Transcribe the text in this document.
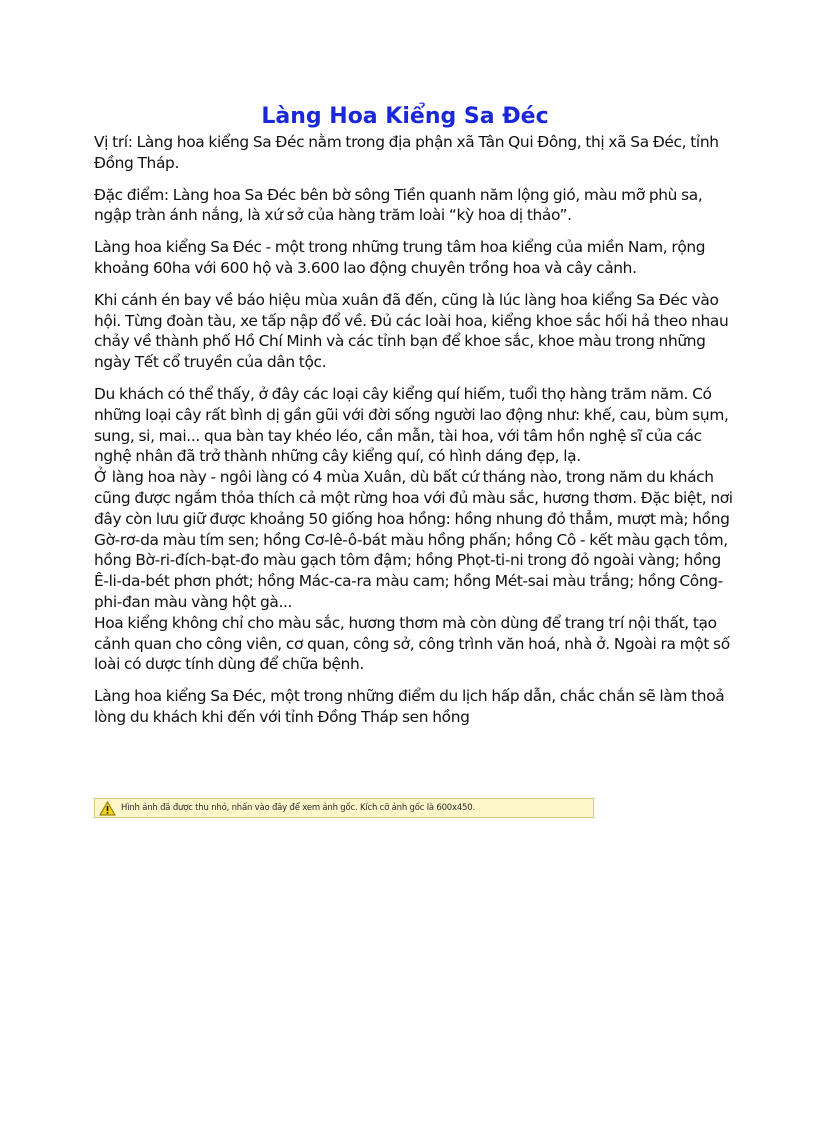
Làng Hoa Kiểng Sa Đéc

Vị trí: Làng hoa kiểng Sa Đéc nằm trong địa phận xã Tân Qui Đông, thị xã Sa Đéc, tỉnh Đồng Tháp.

Đặc điểm: Làng hoa Sa Đéc bên bờ sông Tiền quanh năm lộng gió, màu mỡ phù sa, ngập tràn ánh nắng, là xứ sở của hàng trăm loài “kỳ hoa dị thảo”.

Làng hoa kiểng Sa Đéc - một trong những trung tâm hoa kiểng của miền Nam, rộng khoảng 60ha với 600 hộ và 3.600 lao động chuyên trồng hoa và cây cảnh.

Khi cánh én bay về báo hiệu mùa xuân đã đến, cũng là lúc làng hoa kiểng Sa Đéc vào hội. Từng đoàn tàu, xe tấp nập đổ về. Đủ các loài hoa, kiểng khoe sắc hối hả theo nhau chảy về thành phố Hồ Chí Minh và các tỉnh bạn để khoe sắc, khoe màu trong những ngày Tết cổ truyền của dân tộc.

Du khách có thể thấy, ở đây các loại cây kiểng quí hiếm, tuổi thọ hàng trăm năm. Có những loại cây rất bình dị gần gũi với đời sống người lao động như: khế, cau, bùm sụm, sung, si, mai... qua bàn tay khéo léo, cần mẫn, tài hoa, với tâm hồn nghệ sĩ của các nghệ nhân đã trở thành những cây kiểng quí, có hình dáng đẹp, lạ.

Ở làng hoa này - ngôi làng có 4 mùa Xuân, dù bất cứ tháng nào, trong năm du khách cũng được ngắm thỏa thích cả một rừng hoa với đủ màu sắc, hương thơm. Đặc biệt, nơi đây còn lưu giữ được khoảng 50 giống hoa hồng: hồng nhung đỏ thẳm, mượt mà; hồng Gờ-rơ-da màu tím sen; hồng Cơ-lê-ô-bát màu hồng phấn; hồng Cô - kết màu gạch tôm, hồng Bờ-ri-đích-bạt-đo màu gạch tôm đậm; hồng Phọt-ti-ni trong đỏ ngoài vàng; hồng Ê-li-da-bét phơn phớt; hồng Mác-ca-ra màu cam; hồng Mét-sai màu trắng; hồng Công-phi-đan màu vàng hột gà...

Hoa kiểng không chỉ cho màu sắc, hương thơm mà còn dùng để trang trí nội thất, tạo cảnh quan cho công viên, cơ quan, công sở, công trình văn hoá, nhà ở. Ngoài ra một số loài có dược tính dùng để chữa bệnh.

Làng hoa kiểng Sa Đéc, một trong những điểm du lịch hấp dẫn, chắc chắn sẽ làm thoả lòng du khách khi đến với tỉnh Đồng Tháp sen hồng

Hình ảnh đã được thu nhỏ, nhấn vào đây để xem ảnh gốc. Kích cỡ ảnh gốc là 600x450.
